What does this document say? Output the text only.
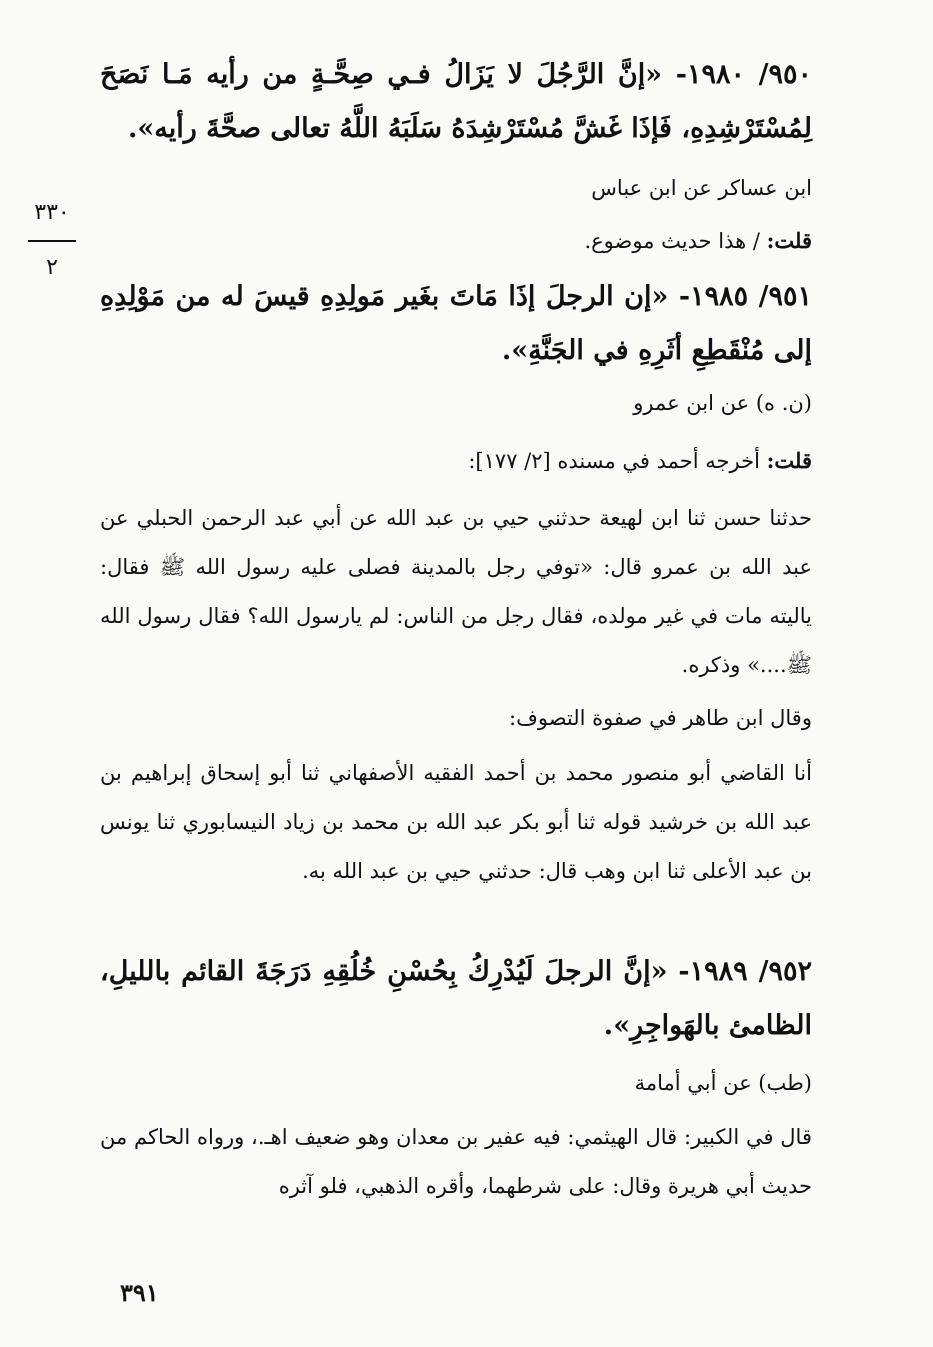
٣٣٠
٢
٩٥٠/ ١٩٨٠- «إنَّ الرَّجُلَ لا يَزَالُ فـي صِحَّـةٍ من رأيه مَـا نَصَحَ لِمُسْتَرْشِدِهِ، فَإذَا غَشَّ مُسْتَرْشِدَهُ سَلَبَهُ اللَّهُ تعالى صحَّةَ رأيه».
ابن عساكر عن ابن عباس
قلت: / هذا حديث موضوع.
٩٥١/ ١٩٨٥- «إن الرجلَ إذَا مَاتَ بغَير مَولِدِهِ قيسَ له من مَوْلِدِهِ إلى مُنْقَطِعِ أثَرِهِ في الجَنَّةِ».
(ن. ه) عن ابن عمرو
قلت: أخرجه أحمد في مسنده [٢/ ١٧٧]:
حدثنا حسن ثنا ابن لهيعة حدثني حيي بن عبد الله عن أبي عبد الرحمن الحبلي عن عبد الله بن عمرو قال: «توفي رجل بالمدينة فصلى عليه رسول الله ﷺ فقال: ياليته مات في غير مولده، فقال رجل من الناس: لم يارسول الله؟ فقال رسول الله ﷺ....» وذكره.
وقال ابن طاهر في صفوة التصوف:
أنا القاضي أبو منصور محمد بن أحمد الفقيه الأصفهاني ثنا أبو إسحاق إبراهيم بن عبد الله بن خرشيد قوله ثنا أبو بكر عبد الله بن محمد بن زياد النيسابوري ثنا يونس بن عبد الأعلى ثنا ابن وهب قال: حدثني حيي بن عبد الله به.
٩٥٢/ ١٩٨٩- «إنَّ الرجلَ لَيُدْرِكُ بِحُسْنِ خُلُقِهِ دَرَجَةَ القائم بالليلِ، الظامئ بالهَواجِرِ».
(طب) عن أبي أمامة
قال في الكبير: قال الهيثمي: فيه عفير بن معدان وهو ضعيف اهـ.، ورواه الحاكم من حديث أبي هريرة وقال: على شرطهما، وأقره الذهبي، فلو آثره
٣٩١
